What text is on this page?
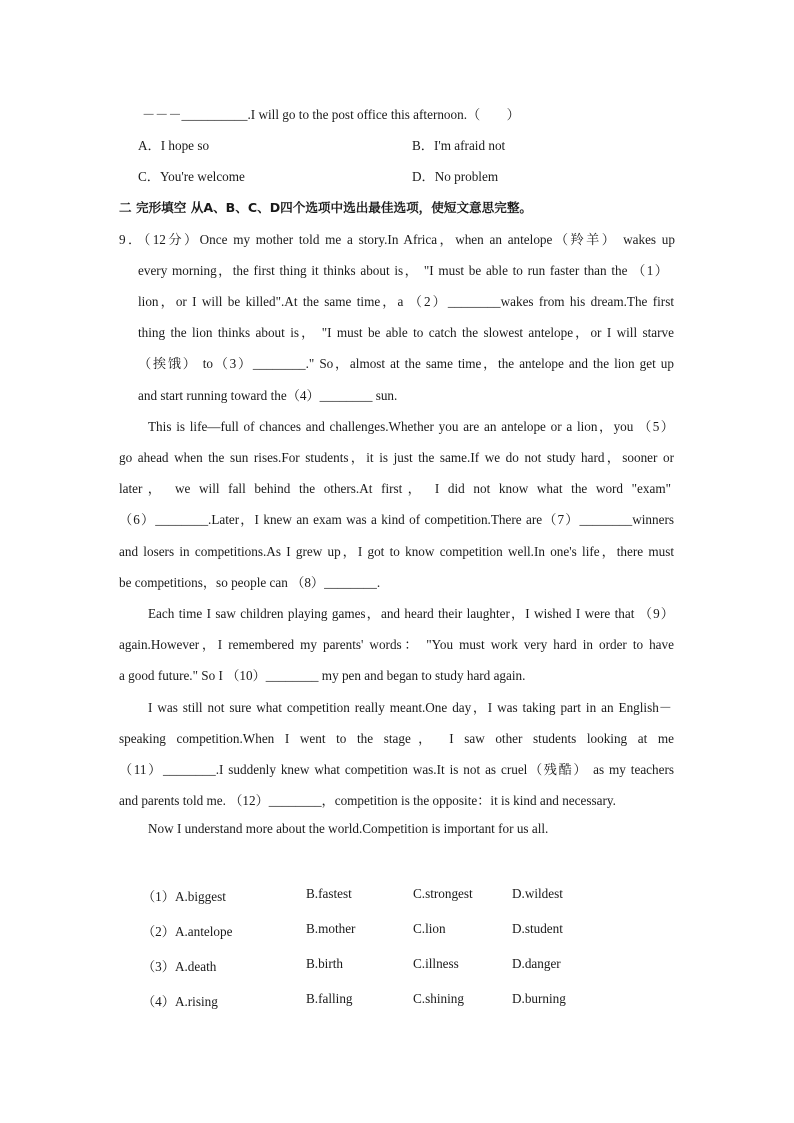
－－－__________.I will go to the post office this afternoon.（　　）
A．I hope so	B．I'm afraid not
C．You're welcome	D．No problem
二 完形填空 从A、B、C、D四个选项中选出最佳选项，使短文意思完整。
9．（12分）Once my mother told me a story.In Africa，when an antelope（羚羊） wakes up
every morning，the first thing it thinks about is， "I must be able to run faster than the （1）
lion，or I will be killed".At the same time，a （2）________wakes from his dream.The first
thing the lion thinks about is， "I must be able to catch the slowest antelope，or I will starve
（挨饿） to（3）________." So，almost at the same time，the antelope and the lion get up
and start running toward the（4）________ sun.
This is life—full of chances and challenges.Whether you are an antelope or a lion，you （5）
go ahead when the sun rises.For students，it is just the same.If we do not study hard，sooner or
later， we will fall behind the others.At first， I did not know what the word "exam"
（6）________.Later，I knew an exam was a kind of competition.There are（7）________winners
and losers in competitions.As I grew up，I got to know competition well.In one's life，there must
be competitions，so people can （8）________.
Each time I saw children playing games，and heard their laughter，I wished I were that （9）
again.However，I remembered my parents' words： "You must work very hard in order to have
a good future." So I （10）________ my pen and began to study hard again.
I was still not sure what competition really meant.One day，I was taking part in an English－
speaking competition.When I went to the stage， I saw other students looking at me
（11）________.I suddenly knew what competition was.It is not as cruel（残酷） as my teachers
and parents told me. （12）________，competition is the opposite：it is kind and necessary.
Now I understand more about the world.Competition is important for us all.
（1）A.biggest	B.fastest	C.strongest	D.wildest
（2）A.antelope	B.mother	C.lion	D.student
（3）A.death	B.birth	C.illness	D.danger
（4）A.rising	B.falling	C.shining	D.burning
